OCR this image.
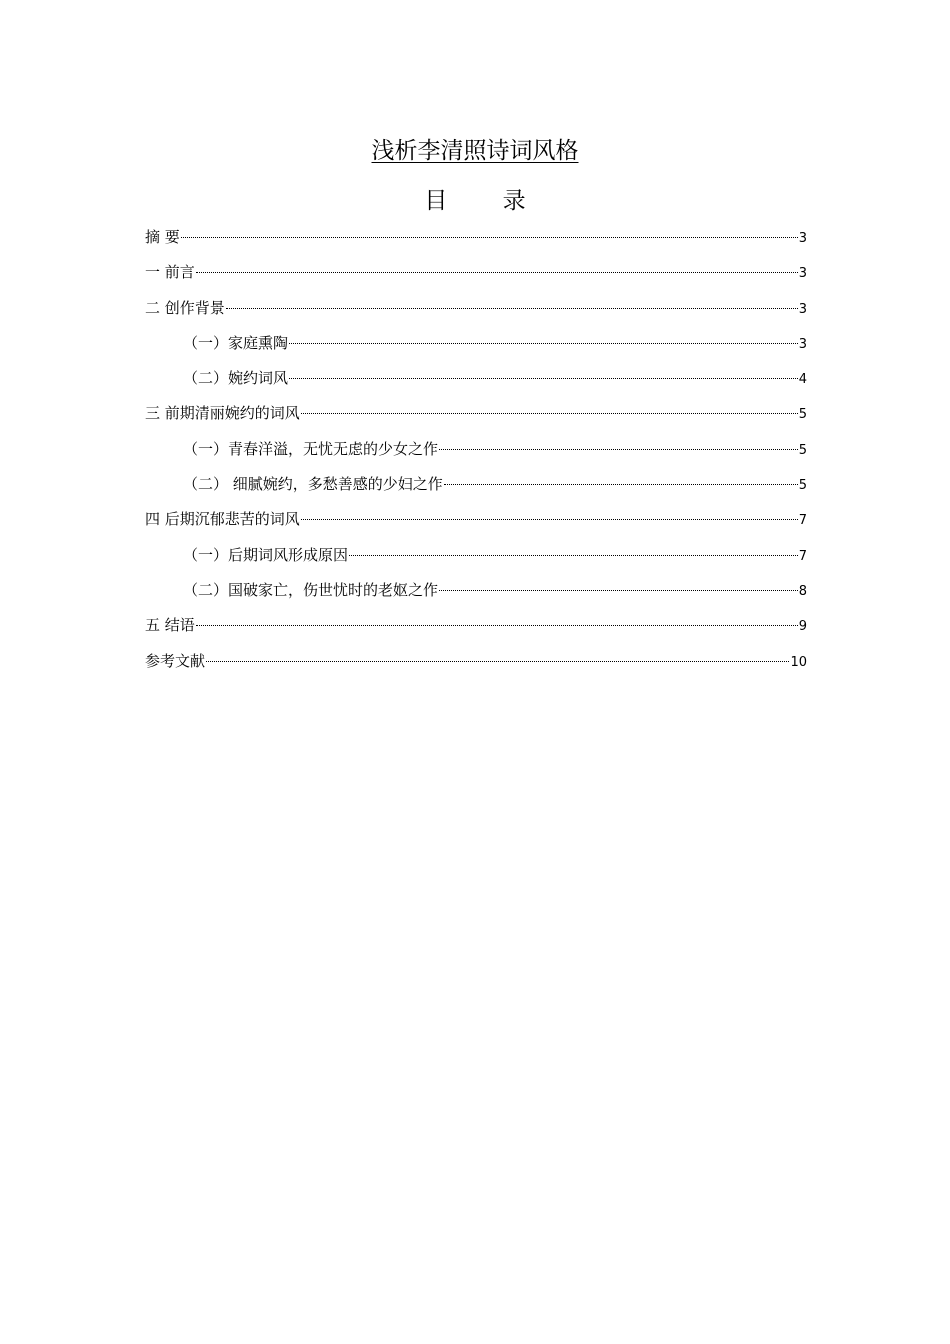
浅析李清照诗词风格
目 录
摘 要	3
一 前言	3
二 创作背景	3
（一）家庭熏陶	3
（二）婉约词风	4
三 前期清丽婉约的词风	5
（一）青春洋溢，无忧无虑的少女之作	5
（二） 细腻婉约，多愁善感的少妇之作	5
四 后期沉郁悲苦的词风	7
（一）后期词风形成原因	7
（二）国破家亡，伤世忧时的老妪之作	8
五 结语	9
参考文献	10
